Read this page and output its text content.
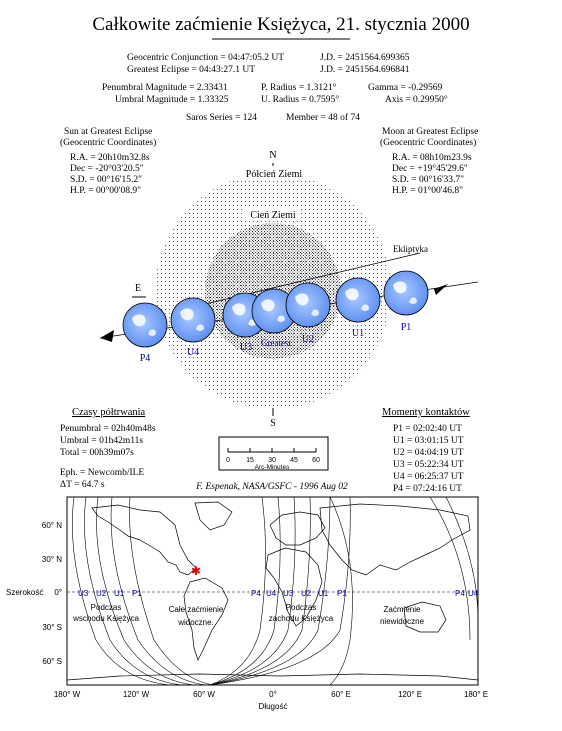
Całkowite zaćmienie Księżyca, 21. stycznia 2000
Geocentric Conjunction = 04:47:05.2 UT	J.D. = 2451564.699365
Greatest Eclipse = 04:43:27.1 UT	J.D. = 2451564.696841
Penumbral Magnitude = 2.33431	P. Radius = 1.3121°	Gamma = -0.29569
Umbral Magnitude = 1.33325	U. Radius = 0.7595°	Axis = 0.29950°
Saros Series = 124	Member = 48 of 74
Sun at Greatest Eclipse
(Geocentric Coordinates)
R.A. = 20h10m32.8s
Dec = -20°03'20.5"
S.D. = 00°16'15.2"
H.P. = 00°00'08.9"
Moon at Greatest Eclipse
(Geocentric Coordinates)
R.A. = 08h10m23.9s
Dec = +19°45'29.6"
S.D. = 00°16'33.7"
H.P. = 01°00'46.8"
N
S
E
Półcień Ziemi
Cień Ziemi
Ekliptyka
P1
U1
U2
Greatest
U3
U4
P4
Czasy półtrwania
Penumbral = 02h40m48s
Umbral = 01h42m11s
Total = 00h39m07s
Momenty kontaktów
P1 = 02:02:40 UT
U1 = 03:01:15 UT
U2 = 04:04:19 UT
U3 = 05:22:34 UT
U4 = 06:25:37 UT
P4 = 07:24:16 UT
0 15 30 45 60
Arc-Minutes
Eph. = Newcomb/ILE
ΔT = 64.7 s	F. Espenak, NASA/GSFC - 1996 Aug 02
✱
U3 U2 U1 P1	P4 U4 U3 U2 U1 P1	P4 U4
Podczas
wschodu Księżyca
Całe zaćmienie
widoczne.
Podczas
zachodu Księżyca
Zaćmienie
niewidoczne
60° N
30° N
0°
30° S
60° S
Szerokość
180° W	120° W	60° W	0°	60° E	120° E	180° E
Długość
